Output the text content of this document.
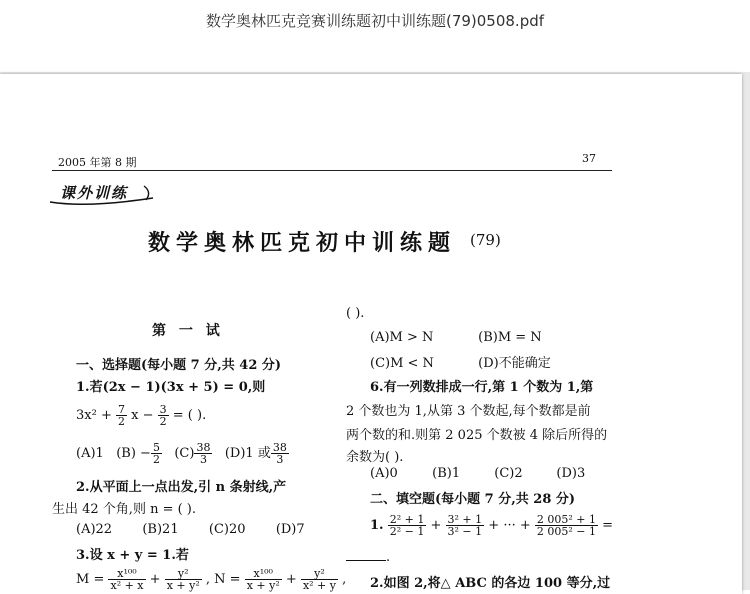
数学奥林匹克竞赛训练题初中训练题(79)0508.pdf
2005 年第 8 期	37
课外训练
数学奥林匹克初中训练题 (79)
第 一 试
一、选择题(每小题 7 分,共 42 分)
1.若(2x − 1)(3x + 5) = 0,则
$3x^2 + \frac{7}{2}$ $x - \frac{3}{2}$ = ( ).
(A)1 $(B) - \frac{5}{2} (C) \frac{38}{3} (D)1$ 或 $\frac{38}{3}$
2.从平面上一点出发,引 n 条射线,产
生出 42 个角,则 n = ( ).
(A)22 (B)21 (C)20 (D)7
3.设 x + y = 1.若
$M = \frac{\text{x¹⁰⁰}}{\text{x² + x}} + \frac{\text{y²}}{\text{x + y²}}$ , $N = \frac{\text{x¹⁰⁰}}{\text{x + y²}} + \frac{\text{y²}}{\text{x² + y}}$ ,
( ).
(A)M > N	(B)M = N
(C)M < N	(D)不能确定
6.有一列数排成一行,第 1 个数为 1,第
2 个数也为 1,从第 3 个数起,每个数都是前
两个数的和.则第 2 025 个数被 4 除后所得的
余数为( ).
(A)0	(B)1	(C)2	(D)3
二、填空题(每小题 7 分,共 28 分)
1. $\frac{\text{2² + 1}}{\text{2² − 1}} + \frac{\text{3² + 1}}{\text{3² − 1}}$ + ··· + $\frac{\text{2 005² + 1}}{\text{2 005² − 1}}$ =
.
2.如图 2,将△ ABC 的各边 100 等分,过
